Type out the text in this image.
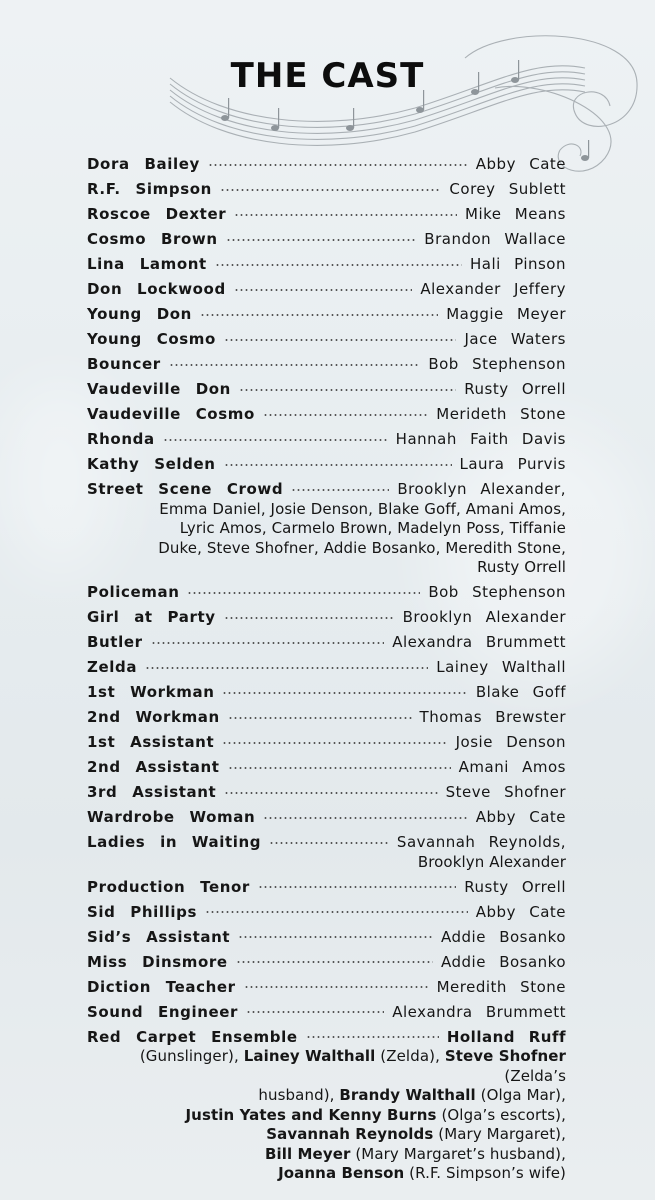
THE CAST
Dora Bailey	Abby Cate
R.F. Simpson	Corey Sublett
Roscoe Dexter	Mike Means
Cosmo Brown	Brandon Wallace
Lina Lamont	Hali Pinson
Don Lockwood	Alexander Jeffery
Young Don	Maggie Meyer
Young Cosmo	Jace Waters
Bouncer	Bob Stephenson
Vaudeville Don	Rusty Orrell
Vaudeville Cosmo	Merideth Stone
Rhonda	Hannah Faith Davis
Kathy Selden	Laura Purvis
Street Scene Crowd	Brooklyn Alexander,
Emma Daniel, Josie Denson, Blake Goff, Amani Amos,
Lyric Amos, Carmelo Brown, Madelyn Poss, Tiffanie
Duke, Steve Shofner, Addie Bosanko, Meredith Stone,
Rusty Orrell
Policeman	Bob Stephenson
Girl at Party	Brooklyn Alexander
Butler	Alexandra Brummett
Zelda	Lainey Walthall
1st Workman	Blake Goff
2nd Workman	Thomas Brewster
1st Assistant	Josie Denson
2nd Assistant	Amani Amos
3rd Assistant	Steve Shofner
Wardrobe Woman	Abby Cate
Ladies in Waiting	Savannah Reynolds,
Brooklyn Alexander
Production Tenor	Rusty Orrell
Sid Phillips	Abby Cate
Sid’s Assistant	Addie Bosanko
Miss Dinsmore	Addie Bosanko
Diction Teacher	Meredith Stone
Sound Engineer	Alexandra Brummett
Red Carpet Ensemble	Holland Ruff
(Gunslinger), Lainey Walthall (Zelda), Steve Shofner (Zelda’s
husband), Brandy Walthall (Olga Mar),
Justin Yates and Kenny Burns (Olga’s escorts),
Savannah Reynolds (Mary Margaret),
Bill Meyer (Mary Margaret’s husband),
Joanna Benson (R.F. Simpson’s wife)
